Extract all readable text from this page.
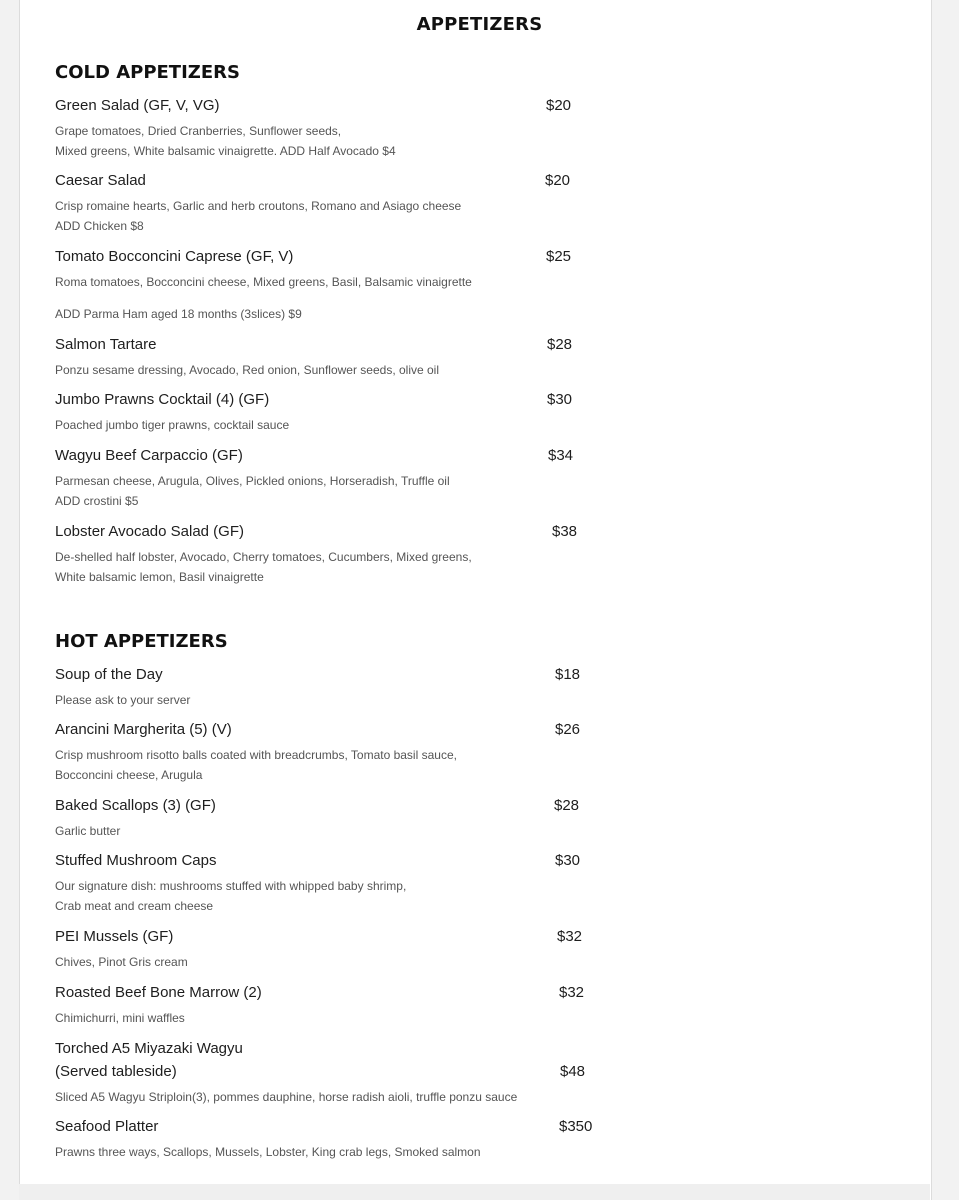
APPETIZERS
COLD APPETIZERS
Green Salad (GF, V, VG)	$20
Grape tomatoes, Dried Cranberries, Sunflower seeds,
Mixed greens, White balsamic vinaigrette. ADD Half Avocado $4
Caesar Salad	$20
Crisp romaine hearts, Garlic and herb croutons, Romano and Asiago cheese
ADD Chicken $8
Tomato Bocconcini Caprese (GF, V)	$25
Roma tomatoes, Bocconcini cheese, Mixed greens, Basil, Balsamic vinaigrette
ADD Parma Ham aged 18 months (3slices) $9
Salmon Tartare	$28
Ponzu sesame dressing, Avocado, Red onion, Sunflower seeds, olive oil
Jumbo Prawns Cocktail (4) (GF)	$30
Poached jumbo tiger prawns, cocktail sauce
Wagyu Beef Carpaccio (GF)	$34
Parmesan cheese, Arugula, Olives, Pickled onions, Horseradish, Truffle oil
ADD crostini $5
Lobster Avocado Salad (GF)	$38
De-shelled half lobster, Avocado, Cherry tomatoes, Cucumbers, Mixed greens,
White balsamic lemon, Basil vinaigrette
HOT APPETIZERS
Soup of the Day	$18
Please ask to your server
Arancini Margherita (5) (V)	$26
Crisp mushroom risotto balls coated with breadcrumbs, Tomato basil sauce,
Bocconcini cheese, Arugula
Baked Scallops (3) (GF)	$28
Garlic butter
Stuffed Mushroom Caps	$30
Our signature dish: mushrooms stuffed with whipped baby shrimp,
Crab meat and cream cheese
PEI Mussels (GF)	$32
Chives, Pinot Gris cream
Roasted Beef Bone Marrow (2)	$32
Chimichurri, mini waffles
Torched A5 Miyazaki Wagyu
(Served tableside)	$48
Sliced A5 Wagyu Striploin(3), pommes dauphine, horse radish aioli, truffle ponzu sauce
Seafood Platter	$350
Prawns three ways, Scallops, Mussels, Lobster, King crab legs, Smoked salmon
